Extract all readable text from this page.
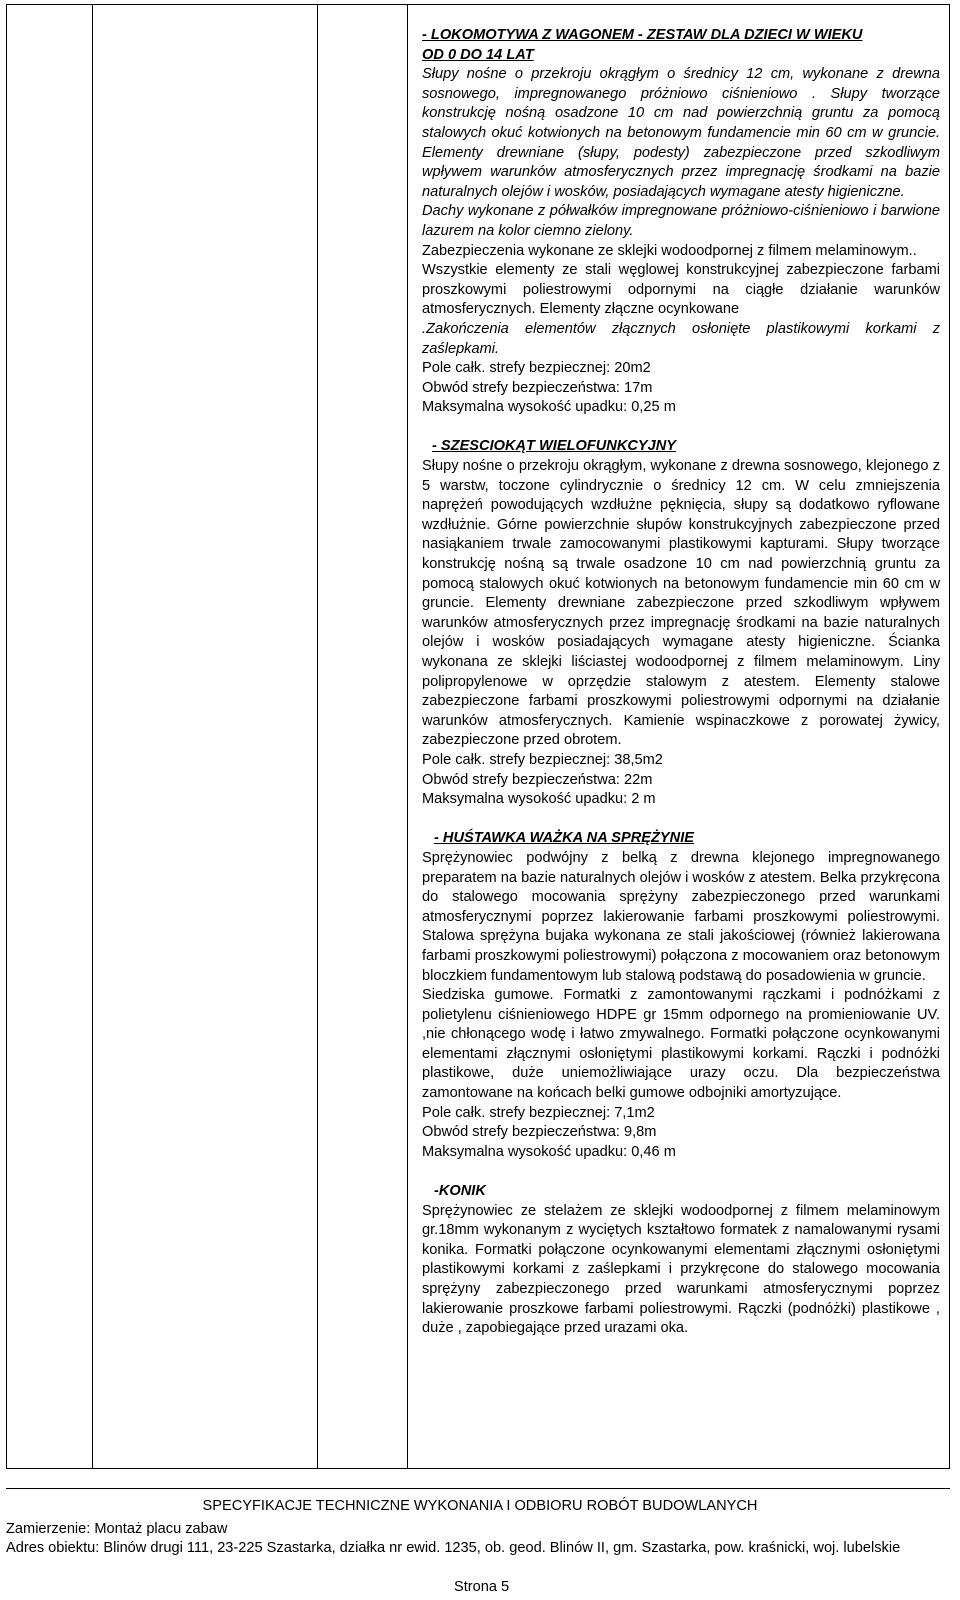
- LOKOMOTYWA Z WAGONEM - ZESTAW DLA DZIECI W WIEKU

OD 0 DO 14 LAT

Słupy nośne o przekroju okrągłym o średnicy 12 cm, wykonane z drewna sosnowego, impregnowanego próżniowo ciśnieniowo . Słupy tworzące konstrukcję nośną osadzone 10 cm nad powierzchnią gruntu za pomocą stalowych okuć kotwionych na betonowym fundamencie min 60 cm w gruncie. Elementy drewniane (słupy, podesty) zabezpieczone przed szkodliwym wpływem warunków atmosferycznych przez impregnację środkami na bazie naturalnych olejów i wosków, posiadających wymagane atesty higieniczne.

Dachy wykonane z półwałków impregnowane próżniowo-ciśnieniowo i barwione lazurem na kolor ciemno zielony.

Zabezpieczenia wykonane ze sklejki wodoodpornej z filmem melaminowym..

Wszystkie elementy ze stali węglowej konstrukcyjnej zabezpieczone farbami proszkowymi poliestrowymi odpornymi na ciągłe działanie warunków atmosferycznych. Elementy złączne ocynkowane

.Zakończenia elementów złącznych osłonięte plastikowymi korkami z zaślepkami.

Pole całk. strefy bezpiecznej: 20m2

Obwód strefy bezpieczeństwa: 17m

Maksymalna wysokość upadku: 0,25 m

- SZESCIOKĄT WIELOFUNKCYJNY

Słupy nośne o przekroju okrągłym, wykonane z drewna sosnowego, klejonego z 5 warstw, toczone cylindrycznie o średnicy 12 cm. W celu zmniejszenia naprężeń powodujących wzdłużne pęknięcia, słupy są dodatkowo ryflowane wzdłużnie. Górne powierzchnie słupów konstrukcyjnych zabezpieczone przed nasiąkaniem trwale zamocowanymi plastikowymi kapturami. Słupy tworzące konstrukcję nośną są trwale osadzone 10 cm nad powierzchnią gruntu za pomocą stalowych okuć kotwionych na betonowym fundamencie min 60 cm w gruncie. Elementy drewniane zabezpieczone przed szkodliwym wpływem warunków atmosferycznych przez impregnację środkami na bazie naturalnych olejów i wosków posiadających wymagane atesty higieniczne. Ścianka wykonana ze sklejki liściastej wodoodpornej z filmem melaminowym. Liny polipropylenowe w oprzędzie stalowym z atestem. Elementy stalowe zabezpieczone farbami proszkowymi poliestrowymi odpornymi na działanie warunków atmosferycznych. Kamienie wspinaczkowe z porowatej żywicy, zabezpieczone przed obrotem.

Pole całk. strefy bezpiecznej: 38,5m2

Obwód strefy bezpieczeństwa: 22m

Maksymalna wysokość upadku: 2 m

- HUŚTAWKA WAŻKA NA SPRĘŻYNIE

Sprężynowiec podwójny z belką z drewna klejonego impregnowanego preparatem na bazie naturalnych olejów i wosków z atestem. Belka przykręcona do stalowego mocowania sprężyny zabezpieczonego przed warunkami atmosferycznymi poprzez lakierowanie farbami proszkowymi poliestrowymi. Stalowa sprężyna bujaka wykonana ze stali jakościowej (również lakierowana farbami proszkowymi poliestrowymi) połączona z mocowaniem oraz betonowym bloczkiem fundamentowym lub stalową podstawą do posadowienia w gruncie.

Siedziska gumowe. Formatki z zamontowanymi rączkami i podnóżkami z polietylenu ciśnieniowego HDPE gr 15mm odpornego na promieniowanie UV. ,nie chłonącego wodę i łatwo zmywalnego. Formatki połączone ocynkowanymi elementami złącznymi osłoniętymi plastikowymi korkami. Rączki i podnóżki plastikowe, duże uniemożliwiające urazy oczu. Dla bezpieczeństwa zamontowane na końcach belki gumowe odbojniki amortyzujące.

Pole całk. strefy bezpiecznej: 7,1m2

Obwód strefy bezpieczeństwa: 9,8m

Maksymalna wysokość upadku: 0,46 m

-KONIK

Sprężynowiec ze stelażem ze sklejki wodoodpornej z filmem melaminowym gr.18mm wykonanym z wyciętych kształtowo formatek z namalowanymi rysami konika. Formatki połączone ocynkowanymi elementami złącznymi osłoniętymi plastikowymi korkami z zaślepkami i przykręcone do stalowego mocowania sprężyny zabezpieczonego przed warunkami atmosferycznymi poprzez lakierowanie proszkowe farbami poliestrowymi. Rączki (podnóżki) plastikowe , duże , zapobiegające przed urazami oka.

SPECYFIKACJE TECHNICZNE WYKONANIA I ODBIORU ROBÓT BUDOWLANYCH
Zamierzenie: Montaż placu zabaw
Adres obiektu: Blinów drugi 111, 23-225 Szastarka, działka nr ewid. 1235, ob. geod. Blinów II, gm. Szastarka, pow. kraśnicki, woj. lubelskie
Strona 5
